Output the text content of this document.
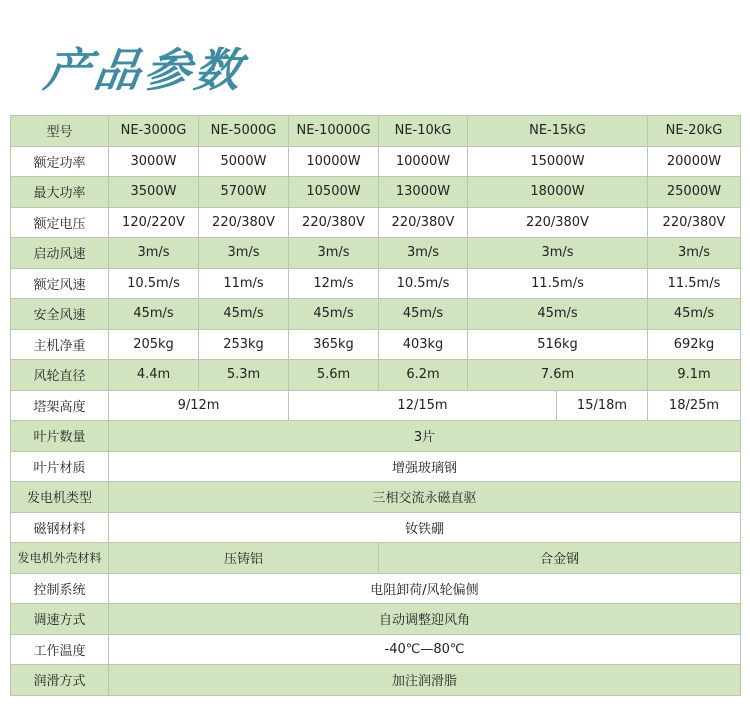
产品参数
型号	NE-3000G	NE-5000G	NE-10000G	NE-10kG	NE-15kG		NE-20kG
额定功率	3000W	5000W	10000W	10000W	15000W		20000W
最大功率	3500W	5700W	10500W	13000W	18000W		25000W
额定电压	120/220V	220/380V	220/380V	220/380V	220/380V		220/380V
启动风速	3m/s	3m/s	3m/s	3m/s	3m/s		3m/s
额定风速	10.5m/s	11m/s	12m/s	10.5m/s	11.5m/s		11.5m/s
安全风速	45m/s	45m/s	45m/s	45m/s	45m/s		45m/s
主机净重	205kg	253kg	365kg	403kg	516kg		692kg
风轮直径	4.4m	5.3m	5.6m	6.2m	7.6m		9.1m
塔架高度	9/12m		12/15m			15/18m	18/25m
叶片数量	3片						
叶片材质	增强玻璃钢						
发电机类型	三相交流永磁直驱						
磁钢材料	钕铁硼						
发电机外壳材料	压铸铝			合金钢			
控制系统	电阻卸荷/风轮偏侧						
调速方式	自动调整迎风角						
工作温度	-40℃—80℃						
润滑方式	加注润滑脂						
